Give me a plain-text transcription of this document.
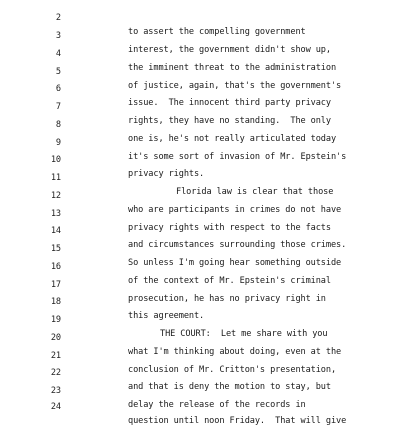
2

to assert the compelling government

3

interest, the government didn't show up,

4

the imminent threat to the administration

5

of justice, again, that's the government's

6

issue.  The innocent third party privacy

7

rights, they have no standing.  The only

8

one is, he's not really articulated today

9

it's some sort of invasion of Mr. Epstein's

10

privacy rights.

11

Florida law is clear that those

12

who are participants in crimes do not have

13

privacy rights with respect to the facts

14

and circumstances surrounding those crimes.

15

So unless I'm going hear something outside

16

of the context of Mr. Epstein's criminal

17

prosecution, he has no privacy right in

18

this agreement.

19

THE COURT:  Let me share with you

20

what I'm thinking about doing, even at the

21

conclusion of Mr. Critton's presentation,

22

and that is deny the motion to stay, but

23

delay the release of the records in

24

question until noon Friday.  That will give
